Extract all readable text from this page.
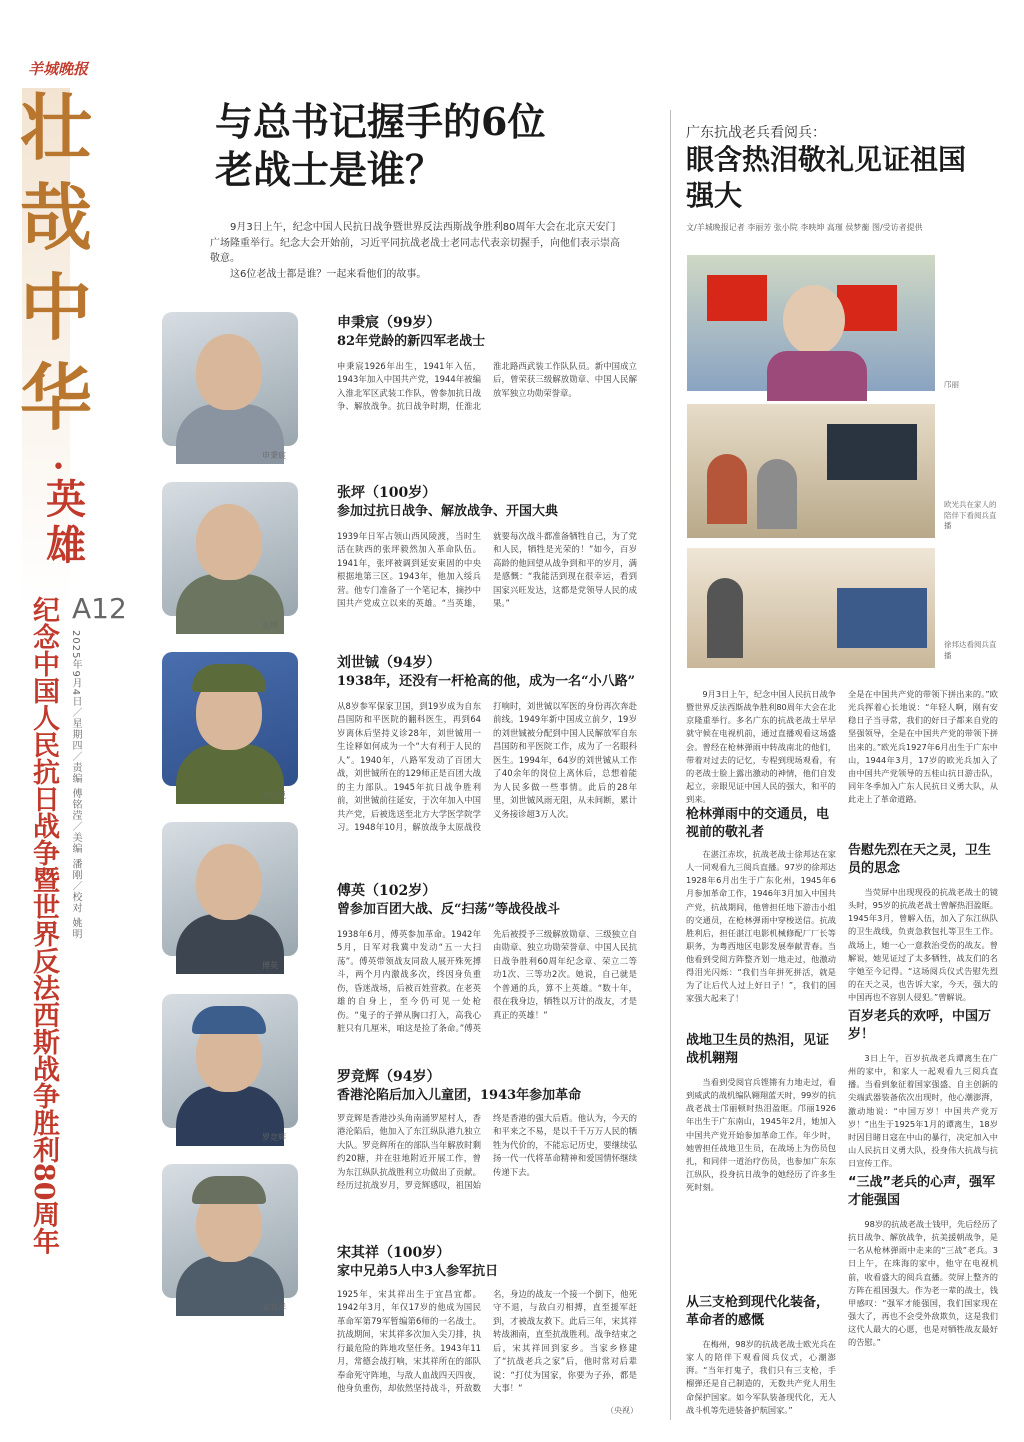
羊城晚报
壮
哉
中
华
•
英
雄
A12
2025年9月4日／星期四／责编 傅铭滢／美编 潘刚／校对 姚明
纪念中国人民抗日战争暨世界反法西斯战争胜利80周年
与总书记握手的6位老战士是谁？
9月3日上午，纪念中国人民抗日战争暨世界反法西斯战争胜利80周年大会在北京天安门广场隆重举行。纪念大会开始前，习近平同抗战老战士老同志代表亲切握手，向他们表示崇高敬意。
这6位老战士都是谁？一起来看他们的故事。
申秉宸
申秉宸（99岁）
82年党龄的新四军老战士
申秉宸1926年出生，1941年入伍，1943年加入中国共产党，1944年被编入淮北军区武装工作队，曾参加抗日战争、解放战争。抗日战争时期，任淮北淮北路西武装工作队队员。新中国成立后，曾荣获三级解放勋章、中国人民解放军独立功勋荣誉章。
张坪
张坪（100岁）
参加过抗日战争、解放战争、开国大典
1939年日军占领山西风陵渡，当时生活在陕西的张坪毅然加入革命队伍。1941年，张坪被调到延安東固的中央根据地第三区。1943年，他加入绥兵营。他专门准备了一个笔记本，摘抄中国共产党成立以来的英雄。“当英雄，就要每次战斗都准备牺牲自己，为了党和人民，牺牲是光荣的！”如今，百岁高龄的他回望从战争到和平的岁月，满是感慨：“我能活到现在很幸运，看到国家兴旺发达，这都是党领导人民的成果。”
刘世锐
刘世铖（94岁）
1938年，还没有一杆枪高的他，成为一名“小八路”
从8岁参军保家卫国，到19岁成为自东昌国防和平医院的翻科医生，再到64岁离休后坚持义诊28年，刘世铖用一生诠释如何成为一个“大有利于人民的人”。1940年，八路军发动了百团大战，刘世铖所在的129师正是百团大战的主力部队。1945年抗日战争胜利前，刘世铖前往延安，于次年加入中国共产党，后被选送至北方大学医学院学习。1948年10月，解放战争太原战役打响时，刘世铖以军医的身份再次奔赴前线。1949年新中国成立前夕，19岁的刘世铖被分配到中国人民解放军自东昌国防和平医院工作，成为了一名眼科医生。1994年，64岁的刘世铖从工作了40余年的岗位上离休后，总想着能为人民多做一些事情。此后的28年里，刘世铖风雨无阻，从未间断，累计义务接诊超3万人次。
傅英
傅英（102岁）
曾参加百团大战、反“扫荡”等战役战斗
1938年6月，傅英参加革命。1942年5月，日军对我冀中发动“五一大扫荡”。傅英带领战友同敌人展开殊死搏斗，两个月内激战多次，终因身负重伤，昏迷战场，后被百姓营救。在老英雄的自身上，至今仍可见一处枪伤。“鬼子的子弹从胸口打入，高我心脏只有几厘米，咱这是捡了条命。”傅英先后被授予三级解放勋章、三级独立自由勋章、独立功勋荣誉章、中国人民抗日战争胜利60周年纪念章、荣立二等功1次、三等功2次。她说，自己就是个普通的兵，算不上英雄。“数十年，很在我身边，牺牲以万计的战友，才是真正的英雄！”
罗竞辉
罗竞辉（94岁）
香港沦陷后加入儿童团，1943年参加革命
罗竞辉是香港沙头角南涌罗屋村人，香港沦陷后，他加入了东江纵队港九独立大队。罗竞辉所在的部队当年解放时剩约20糖，并在驻地附近开展工作，曾为东江纵队抗战胜利立功做出了贡献。经历过抗战岁月，罗竞辉感叹，祖国始终是香港的强大后盾。他认为，今天的和平来之不易，是以千千万万人民的牺牲为代价的，不能忘记历史，要继续弘扬一代一代将革命精神和爱国情怀继续传递下去。
宋其祥
宋其祥（100岁）
家中兄弟5人中3人参军抗日
1925年，宋其祥出生于宜昌宜都。1942年3月，年仅17岁的他成为国民革命军第79军暂编第6师的一名战士。抗战期间，宋其祥多次加入尖刀排，执行最危险的阵地攻坚任务。1943年11月，常德会战打响，宋其祥所在的部队奉命死守阵地，与敌人血战四天四夜，他身负重伤，却依然坚持战斗，歼敌数名，身边的战友一个接一个倒下，他死守不退，与敌白刃相搏，直至援军赶到，才被战友救下。此后三年，宋其祥转战湘南，直至抗战胜利。战争结束之后，宋其祥回到家乡。当家乡修建了“抗战老兵之家”后，他时常对后辈说：“打仗为国家，你要为子孙，都是大事！”
（央视）
广东抗战老兵看阅兵：
眼含热泪敬礼见证祖国强大
文/羊城晚报记者 李丽芳 张小院 李映坤 高瑾 侯梦蘅 图/受访者提供
邝丽
欧光兵在家人的陪伴下看阅兵直播
徐邦达看阅兵直播
9月3日上午，纪念中国人民抗日战争暨世界反法西斯战争胜利80周年大会在北京隆重举行。多名广东的抗战老战士早早就守候在电视机前，通过直播观看这场盛会。曾经在枪林弹雨中转战南北的他们，带着对过去的记忆，专程到现场观看，有的老战士脸上露出激动的神情，他们自发起立，亲眼见证中国人民的强大，和平的到来。
全是在中国共产党的带领下拼出来的。”欧光兵挥着心长地说：“年轻人啊，刚有安稳日子当寻常，我们的好日子都来自党的坚强领导，全是在中国共产党的带领下拼出来的。”欧光兵1927年6月出生于广东中山，1944年3月，17岁的欧光兵加入了由中国共产党领导的五桂山抗日游击队，同年冬季加入广东人民抗日义勇大队，从此走上了革命道路。
枪林弹雨中的交通员，电视前的敬礼者
在湛江赤坎，抗战老战士徐邦达在家人一同观看九三阅兵直播。97岁的徐邦达1928年6月出生于广东化州，1945年6月参加革命工作，1946年3月加入中国共产党，抗战期间，他曾担任地下游击小组的交通员，在枪林弹雨中穿梭送信。抗战胜利后，担任湛江电影机械修配厂厂长等职务，为粤西地区电影发展奉献青春。当他看到受阅方阵整齐划一地走过，他激动得泪光闪烁：“我们当年拼死拼活，就是为了让后代人过上好日子！”，我们的国家强大起来了！
战地卫生员的热泪，见证战机翱翔
当看到受阅官兵铿锵有力地走过，看到威武的战机编队翱翔蓝天时，99岁的抗战老战士邝丽顿时热泪盈眶。邝丽1926年出生于广东南山，1945年2月，她加入中国共产党开始参加革命工作。年少时，她曾担任战地卫生员，在战场上为伤员包扎，和同伴一道治疗伤员，也参加广东东江纵队，投身抗日战争的她经历了许多生死时刻。
从三支枪到现代化装备，革命者的感慨
在梅州，98岁的抗战老战士欧光兵在家人的陪伴下观看阅兵仪式，心潮澎湃。“当年打鬼子，我们只有三支枪，手榴弹还是自己制造的，无数共产党人用生命保护国家。如今军队装备现代化，无人战斗机等先进装备护航国家。”
告慰先烈在天之灵，卫生员的思念
当荧屏中出现现役的抗战老战士的镜头时，95岁的抗战老战士曾解热泪盈眶。1945年3月，曾解入伍，加入了东江纵队的卫生战线，负责急救包扎等卫生工作。战场上，她一心一意救治受伤的战友。曾解说，她见证过了太多牺牲，战友们的名字她至今记得。“这场阅兵仪式告慰先烈的在天之灵，也告诉大家，今天，强大的中国再也不容别人侵犯。”曾解说。
百岁老兵的欢呼，中国万岁！
3日上午，百岁抗战老兵谭离生在广州的家中，和家人一起观看九三阅兵直播。当看到象征着国家强盛、自主创新的尖端武器装备依次出现时，他心潮澎湃，激动地说：“中国万岁！中国共产党万岁！”出生于1925年1月的谭离生，18岁时因目睹日寇在中山的暴行，决定加入中山人民抗日义勇大队，投身伟大抗战与抗日宣传工作。
“三战”老兵的心声，强军才能强国
98岁的抗战老战士钱甲，先后经历了抗日战争、解放战争，抗美援朝战争，是一名从枪林弹雨中走来的“三战”老兵。3日上午，在珠海的家中，他守在电视机前，收看盛大的阅兵直播。荧屏上整齐的方阵在祖国强大。作为老一辈的战士，钱甲感叹：“强军才能强国，我们国家现在强大了，再也不会受外敌欺负，这是我们这代人最大的心愿，也是对牺牲战友最好的告慰。”
